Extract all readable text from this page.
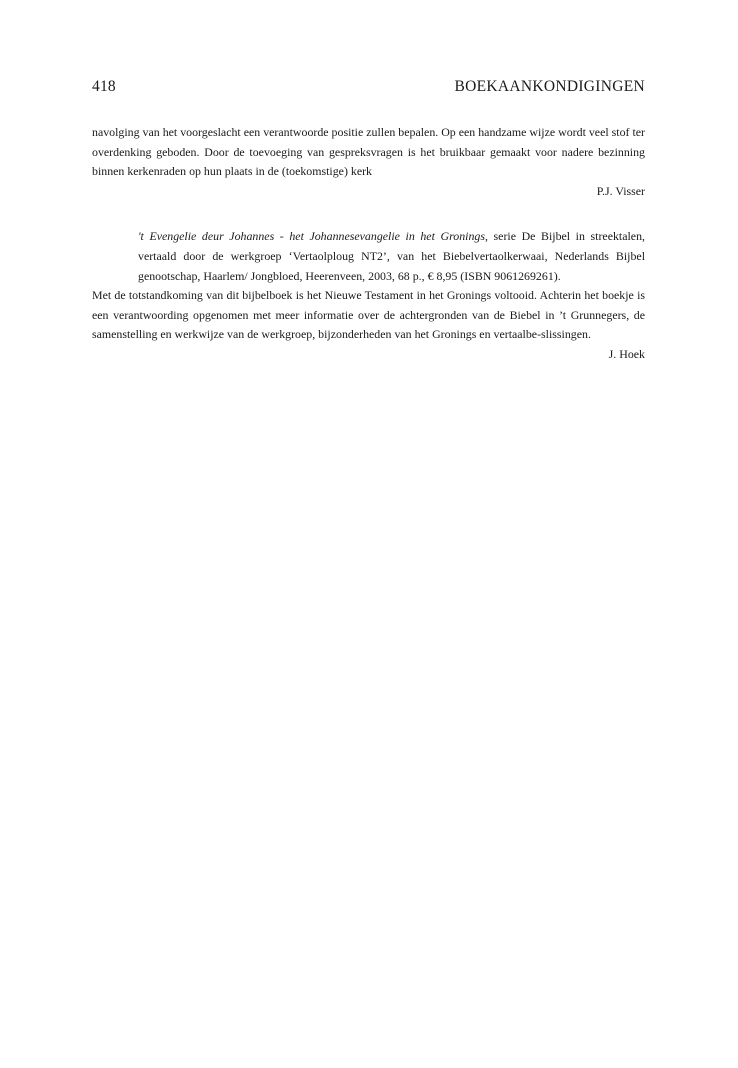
418	BOEKAANKONDIGINGEN

navolging van het voorgeslacht een verantwoorde positie zullen bepalen. Op een handzame wijze wordt veel stof ter overdenking geboden. Door de toevoeging van gespreksvragen is het bruikbaar gemaakt voor nadere bezinning binnen kerkenraden op hun plaats in de (toekomstige) kerk

P.J. Visser

't Evengelie deur Johannes - het Johannesevangelie in het Gronings, serie De Bijbel in streektalen, vertaald door de werkgroep ‘Vertaolploug NT2’, van het Biebelvertaolkerwaai, Nederlands Bijbel genootschap, Haarlem/ Jongbloed, Heerenveen, 2003, 68 p., € 8,95 (ISBN 9061269261).

Met de totstandkoming van dit bijbelboek is het Nieuwe Testament in het Gronings voltooid. Achterin het boekje is een verantwoording opgenomen met meer informatie over de achtergronden van de Biebel in ’t Grunnegers, de samenstelling en werkwijze van de werkgroep, bijzonderheden van het Gronings en vertaalbe-slissingen.

J. Hoek
